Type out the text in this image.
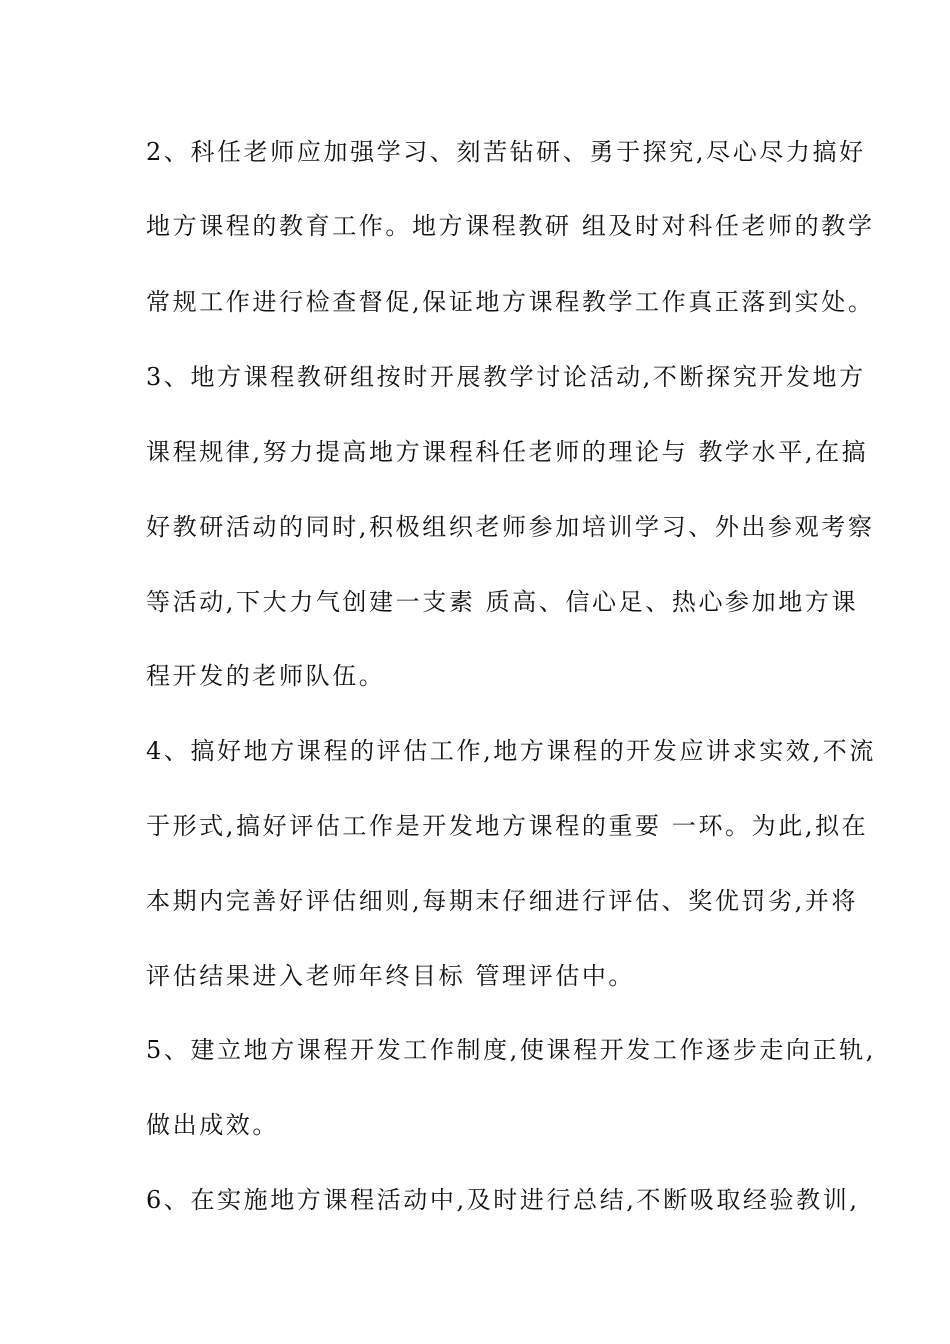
2、科任老师应加强学习、刻苦钻研、勇于探究,尽心尽力搞好
地方课程的教育工作。地方课程教研 组及时对科任老师的教学
常规工作进行检查督促,保证地方课程教学工作真正落到实处。
3、地方课程教研组按时开展教学讨论活动,不断探究开发地方
课程规律,努力提高地方课程科任老师的理论与 教学水平,在搞
好教研活动的同时,积极组织老师参加培训学习、外出参观考察
等活动,下大力气创建一支素 质高、信心足、热心参加地方课
程开发的老师队伍。
4、搞好地方课程的评估工作,地方课程的开发应讲求实效,不流
于形式,搞好评估工作是开发地方课程的重要 一环。为此,拟在
本期内完善好评估细则,每期末仔细进行评估、奖优罚劣,并将
评估结果进入老师年终目标 管理评估中。
5、建立地方课程开发工作制度,使课程开发工作逐步走向正轨,
做出成效。
6、在实施地方课程活动中,及时进行总结,不断吸取经验教训,
